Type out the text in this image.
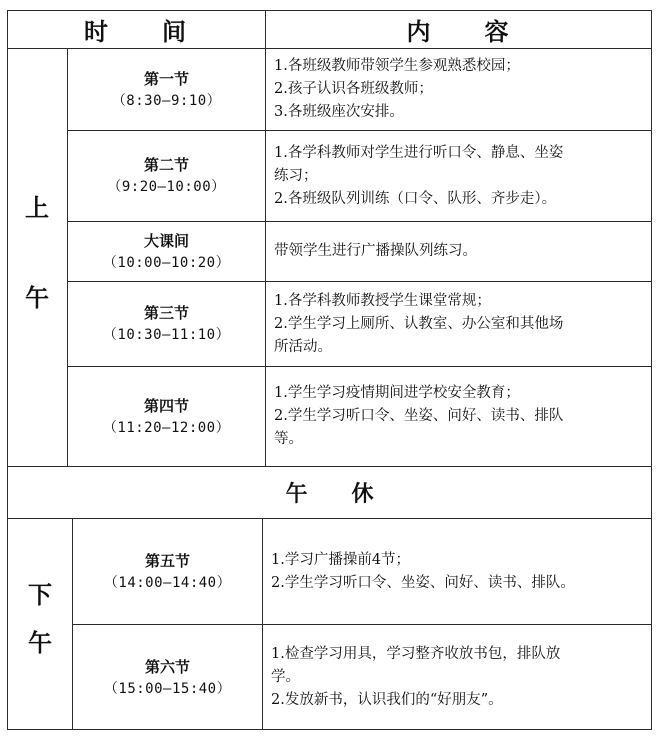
时　　间	内　　容
上
午
第一节
（8:30—9:10）
1.各班级教师带领学生参观熟悉校园；
2.孩子认识各班级教师；
3.各班级座次安排。
第二节
（9:20—10:00）
1.各学科教师对学生进行听口令、静息、坐姿
练习；
2.各班级队列训练（口令、队形、齐步走）。
大课间
（10:00—10:20）
带领学生进行广播操队列练习。
第三节
（10:30—11:10）
1.各学科教师教授学生课堂常规；
2.学生学习上厕所、认教室、办公室和其他场
所活动。
第四节
（11:20—12:00）
1.学生学习疫情期间进学校安全教育；
2.学生学习听口令、坐姿、问好、读书、排队
等。
午　　休
下
午
第五节
（14:00—14:40）
1.学习广播操前4节；
2.学生学习听口令、坐姿、问好、读书、排队。
第六节
（15:00—15:40）
1.检查学习用具，学习整齐收放书包，排队放
学。
2.发放新书，认识我们的“好朋友”。
